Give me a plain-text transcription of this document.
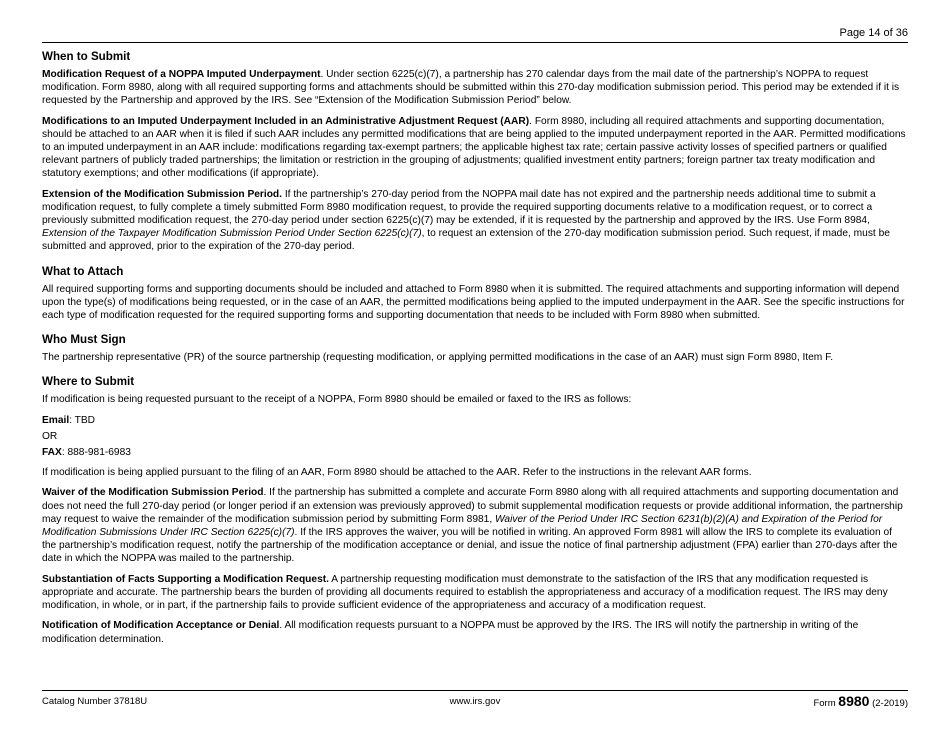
Page 14 of 36
When to Submit

Modification Request of a NOPPA Imputed Underpayment. Under section 6225(c)(7), a partnership has 270 calendar days from the mail date of the partnership’s NOPPA to request modification. Form 8980, along with all required supporting forms and attachments should be submitted within this 270-day modification submission period. This period may be extended if it is requested by the Partnership and approved by the IRS. See “Extension of the Modification Submission Period” below.

Modifications to an Imputed Underpayment Included in an Administrative Adjustment Request (AAR). Form 8980, including all required attachments and supporting documentation, should be attached to an AAR when it is filed if such AAR includes any permitted modifications that are being applied to the imputed underpayment reported in the AAR. Permitted modifications to an imputed underpayment in an AAR include: modifications regarding tax-exempt partners; the applicable highest tax rate; certain passive activity losses of specified partners or qualified relevant partners of publicly traded partnerships; the limitation or restriction in the grouping of adjustments; qualified investment entity partners; foreign partner tax treaty modification and statutory exemptions; and other modifications (if appropriate).

Extension of the Modification Submission Period. If the partnership’s 270-day period from the NOPPA mail date has not expired and the partnership needs additional time to submit a modification request, to fully complete a timely submitted Form 8980 modification request, to provide the required supporting documents relative to a modification request, or to correct a previously submitted modification request, the 270-day period under section 6225(c)(7) may be extended, if it is requested by the partnership and approved by the IRS. Use Form 8984, Extension of the Taxpayer Modification Submission Period Under Section 6225(c)(7), to request an extension of the 270-day modification submission period. Such request, if made, must be submitted and approved, prior to the expiration of the 270-day period.

What to Attach

All required supporting forms and supporting documents should be included and attached to Form 8980 when it is submitted. The required attachments and supporting information will depend upon the type(s) of modifications being requested, or in the case of an AAR, the permitted modifications being applied to the imputed underpayment in the AAR. See the specific instructions for each type of modification requested for the required supporting forms and supporting documentation that needs to be included with Form 8980 when submitted.

Who Must Sign

The partnership representative (PR) of the source partnership (requesting modification, or applying permitted modifications in the case of an AAR) must sign Form 8980, Item F.

Where to Submit

If modification is being requested pursuant to the receipt of a NOPPA, Form 8980 should be emailed or faxed to the IRS as follows:

Email: TBD

OR

FAX: 888-981-6983

If modification is being applied pursuant to the filing of an AAR, Form 8980 should be attached to the AAR. Refer to the instructions in the relevant AAR forms.

Waiver of the Modification Submission Period. If the partnership has submitted a complete and accurate Form 8980 along with all required attachments and supporting documentation and does not need the full 270-day period (or longer period if an extension was previously approved) to submit supplemental modification requests or provide additional information, the partnership may request to waive the remainder of the modification submission period by submitting Form 8981, Waiver of the Period Under IRC Section 6231(b)(2)(A) and Expiration of the Period for Modification Submissions Under IRC Section 6225(c)(7). If the IRS approves the waiver, you will be notified in writing. An approved Form 8981 will allow the IRS to complete its evaluation of the partnership’s modification request, notify the partnership of the modification acceptance or denial, and issue the notice of final partnership adjustment (FPA) earlier than 270-days after the date in which the NOPPA was mailed to the partnership.

Substantiation of Facts Supporting a Modification Request. A partnership requesting modification must demonstrate to the satisfaction of the IRS that any modification requested is appropriate and accurate. The partnership bears the burden of providing all documents required to establish the appropriateness and accuracy of a modification request. The IRS may deny modification, in whole, or in part, if the partnership fails to provide sufficient evidence of the appropriateness and accuracy of a modification request.

Notification of Modification Acceptance or Denial. All modification requests pursuant to a NOPPA must be approved by the IRS. The IRS will notify the partnership in writing of the modification determination.

Catalog Number 37818U	www.irs.gov	Form 8980 (2-2019)
